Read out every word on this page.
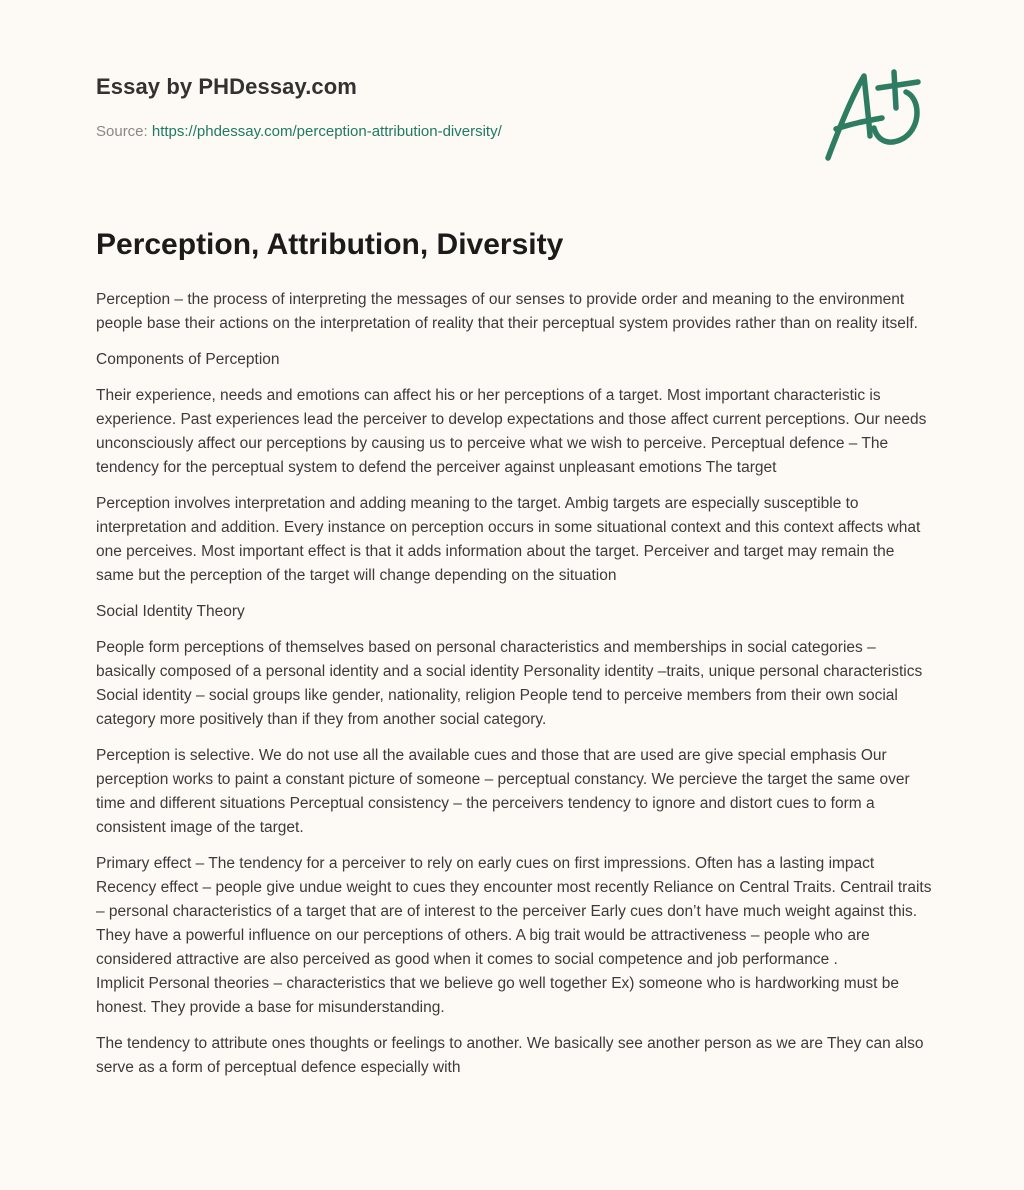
Essay by PHDessay.com
Source: https://phdessay.com/perception-attribution-diversity/
Perception, Attribution, Diversity

Perception – the process of interpreting the messages of our senses to provide order and meaning to the environment people base their actions on the interpretation of reality that their perceptual system provides rather than on reality itself.

Components of Perception

Their experience, needs and emotions can affect his or her perceptions of a target. Most important characteristic is experience. Past experiences lead the perceiver to develop expectations and those affect current perceptions. Our needs unconsciously affect our perceptions by causing us to perceive what we wish to perceive. Perceptual defence – The tendency for the perceptual system to defend the perceiver against unpleasant emotions The target

Perception involves interpretation and adding meaning to the target. Ambig targets are especially susceptible to interpretation and addition. Every instance on perception occurs in some situational context and this context affects what one perceives. Most important effect is that it adds information about the target. Perceiver and target may remain the same but the perception of the target will change depending on the situation

Social Identity Theory

People form perceptions of themselves based on personal characteristics and memberships in social categories – basically composed of a personal identity and a social identity Personality identity –traits, unique personal characteristics Social identity – social groups like gender, nationality, religion People tend to perceive members from their own social category more positively than if they from another social category.

Perception is selective. We do not use all the available cues and those that are used are give special emphasis Our perception works to paint a constant picture of someone – perceptual constancy. We percieve the target the same over time and different situations Perceptual consistency – the perceivers tendency to ignore and distort cues to form a consistent image of the target.

Primary effect – The tendency for a perceiver to rely on early cues on first impressions. Often has a lasting impact Recency effect – people give undue weight to cues they encounter most recently Reliance on Central Traits. Centrail traits – personal characteristics of a target that are of interest to the perceiver Early cues don’t have much weight against this. They have a powerful influence on our perceptions of others. A big trait would be attractiveness – people who are considered attractive are also perceived as good when it comes to social competence and job performance .

Implicit Personal theories – characteristics that we believe go well together Ex) someone who is hardworking must be honest. They provide a base for misunderstanding.

The tendency to attribute ones thoughts or feelings to another. We basically see another person as we are They can also serve as a form of perceptual defence especially with
